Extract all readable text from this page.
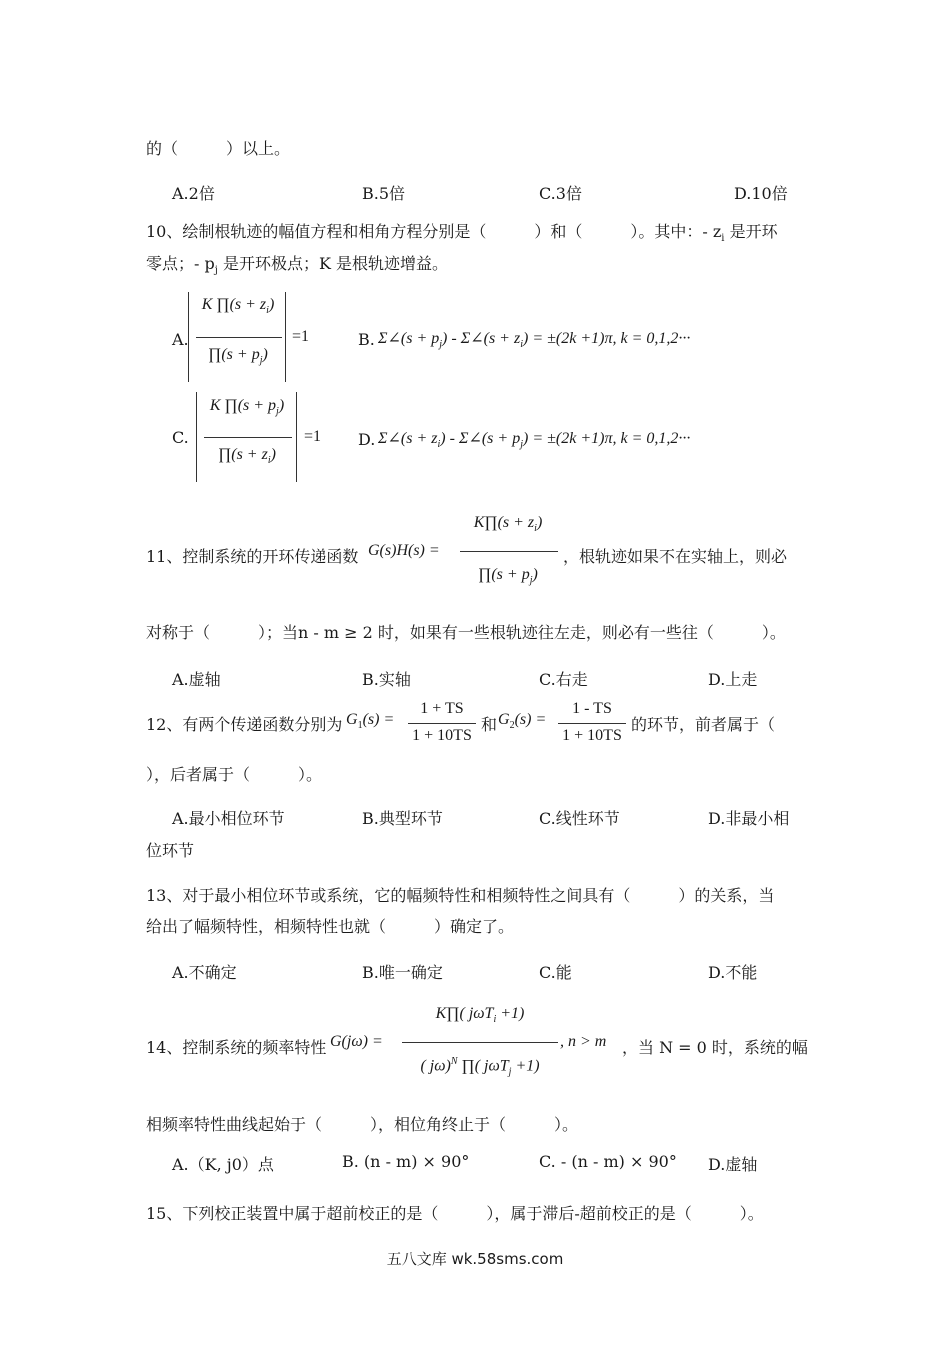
的（　　　）以上。
A.2倍	B.5倍	C.3倍	D.10倍
10、绘制根轨迹的幅值方程和相角方程分别是（　　　）和（　　　）。其中：- $z_i$ 是开环
零点；- $p_j$ 是开环极点；K 是根轨迹增益。
A.
K ∏(s + $z_i$)
∏(s + $p_j$)
=1	B. Σ∠(s + $p_j$) - Σ∠(s + $z_i) = \pm(2k +1)\pi$, k = 0,1,2···
C.
K ∏(s + $p_j$)
∏(s + $z_i$)
=1 D. Σ∠(s + $z_i$) - Σ∠(s + $p_j) = \pm(2k +1)\pi$, k = 0,1,2···
11、控制系统的开环传递函数 G(s)H(s) =
K∏(s + $z_i$)
∏(s + $p_j$)
，根轨迹如果不在实轴上，则必
对称于（　　　）；当n - m ≥ 2 时，如果有一些根轨迹往左走，则必有一些往（　　　）。
A.虚轴	B.实轴	C.右走	D.上走
12、有两个传递函数分别为 $G_1(s)$ =
1 + TS
1 + 10TS
和 $G_2(s)$ =
1 - TS
1 + 10TS
的环节，前者属于（
），后者属于（　　　）。
A.最小相位环节	B.典型环节	C.线性环节	D.非最小相
位环节
13、对于最小相位环节或系统，它的幅频特性和相频特性之间具有（　　　）的关系，当
给出了幅频特性，相频特性也就（　　　）确定了。
A.不确定	B.唯一确定	C.能	D.不能
14、控制系统的频率特性 G(jω) =
K∏( jωT$_i$ +1)
( jω)$^N$ ∏( jωT$_j$ +1)
, n > m ，当 N = 0 时，系统的幅
相频率特性曲线起始于（　　　），相位角终止于（　　　）。
A.（K, j0）点	B. (n - m) × 90°	C. - (n - m) × 90° D.虚轴
15、下列校正装置中属于超前校正的是（　　　），属于滞后-超前校正的是（　　　）。
五八文库 wk.58sms.com
